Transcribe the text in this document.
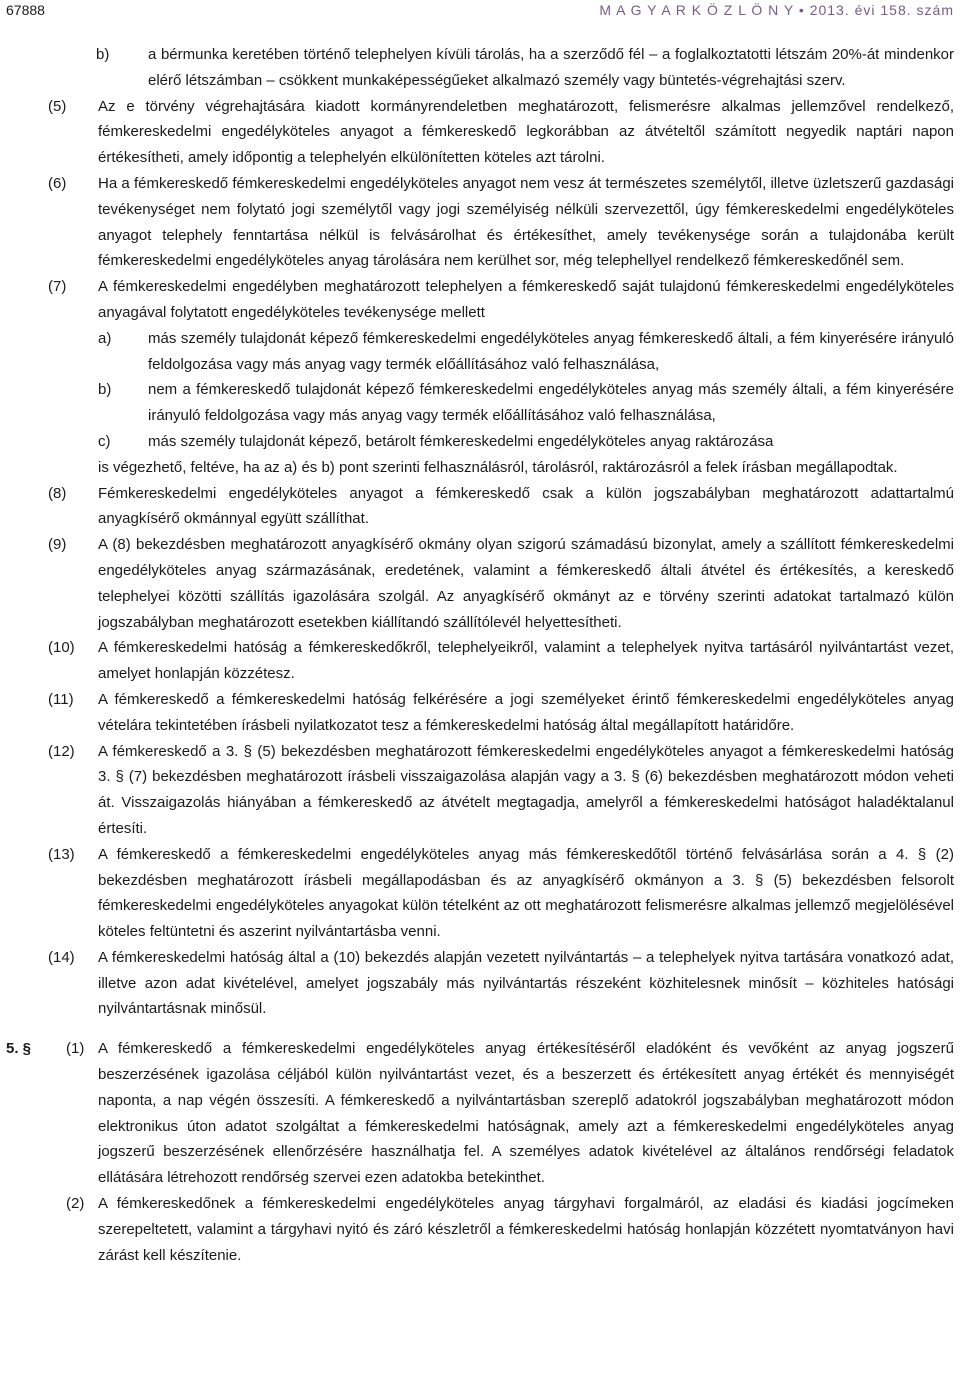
67888	M A G Y A R K Ö Z L Ö N Y • 2013. évi 158. szám
b)	a bérmunka keretében történő telephelyen kívüli tárolás, ha a szerződő fél – a foglalkoztatotti létszám 20%-át mindenkor elérő létszámban – csökkent munkaképességűeket alkalmazó személy vagy büntetés-végrehajtási szerv.

(5) Az e törvény végrehajtására kiadott kormányrendeletben meghatározott, felismerésre alkalmas jellemzővel rendelkező, fémkereskedelmi engedélyköteles anyagot a fémkereskedő legkorábban az átvételtől számított negyedik naptári napon értékesítheti, amely időpontig a telephelyén elkülönítetten köteles azt tárolni.

(6) Ha a fémkereskedő fémkereskedelmi engedélyköteles anyagot nem vesz át természetes személytől, illetve üzletszerű gazdasági tevékenységet nem folytató jogi személytől vagy jogi személyiség nélküli szervezettől, úgy fémkereskedelmi engedélyköteles anyagot telephely fenntartása nélkül is felvásárolhat és értékesíthet, amely tevékenysége során a tulajdonába került fémkereskedelmi engedélyköteles anyag tárolására nem kerülhet sor, még telephellyel rendelkező fémkereskedőnél sem.

(7) A fémkereskedelmi engedélyben meghatározott telephelyen a fémkereskedő saját tulajdonú fémkereskedelmi engedélyköteles anyagával folytatott engedélyköteles tevékenysége mellett

a) más személy tulajdonát képező fémkereskedelmi engedélyköteles anyag fémkereskedő általi, a fém kinyerésére irányuló feldolgozása vagy más anyag vagy termék előállításához való felhasználása,

b) nem a fémkereskedő tulajdonát képező fémkereskedelmi engedélyköteles anyag más személy általi, a fém kinyerésére irányuló feldolgozása vagy más anyag vagy termék előállításához való felhasználása,

c)	más személy tulajdonát képező, betárolt fémkereskedelmi engedélyköteles anyag raktározása

is végezhető, feltéve, ha az a) és b) pont szerinti felhasználásról, tárolásról, raktározásról a felek írásban megállapodtak.

(8) Fémkereskedelmi engedélyköteles anyagot a fémkereskedő csak a külön jogszabályban meghatározott adattartalmú anyagkísérő okmánnyal együtt szállíthat.

(9) A (8) bekezdésben meghatározott anyagkísérő okmány olyan szigorú számadású bizonylat, amely a szállított fémkereskedelmi engedélyköteles anyag származásának, eredetének, valamint a fémkereskedő általi átvétel és értékesítés, a kereskedő telephelyei közötti szállítás igazolására szolgál. Az anyagkísérő okmányt az e törvény szerinti adatokat tartalmazó külön jogszabályban meghatározott esetekben kiállítandó szállítólevél helyettesítheti.

(10) A fémkereskedelmi hatóság a fémkereskedőkről, telephelyeikről, valamint a telephelyek nyitva tartásáról nyilvántartást vezet, amelyet honlapján közzétesz.

(11) A fémkereskedő a fémkereskedelmi hatóság felkérésére a jogi személyeket érintő fémkereskedelmi engedélyköteles anyag vételára tekintetében írásbeli nyilatkozatot tesz a fémkereskedelmi hatóság által megállapított határidőre.

(12) A fémkereskedő a 3. § (5) bekezdésben meghatározott fémkereskedelmi engedélyköteles anyagot a fémkereskedelmi hatóság 3. § (7) bekezdésben meghatározott írásbeli visszaigazolása alapján vagy a 3. § (6) bekezdésben meghatározott módon veheti át. Visszaigazolás hiányában a fémkereskedő az átvételt megtagadja, amelyről a fémkereskedelmi hatóságot haladéktalanul értesíti.

(13) A fémkereskedő a fémkereskedelmi engedélyköteles anyag más fémkereskedőtől történő felvásárlása során a 4. § (2) bekezdésben meghatározott írásbeli megállapodásban és az anyagkísérő okmányon a 3. § (5) bekezdésben felsorolt fémkereskedelmi engedélyköteles anyagokat külön tételként az ott meghatározott felismerésre alkalmas jellemző megjelölésével köteles feltüntetni és aszerint nyilvántartásba venni.

(14) A fémkereskedelmi hatóság által a (10) bekezdés alapján vezetett nyilvántartás – a telephelyek nyitva tartására vonatkozó adat, illetve azon adat kivételével, amelyet jogszabály más nyilvántartás részeként közhitelesnek minősít – közhiteles hatósági nyilvántartásnak minősül.

5. § (1) A fémkereskedő a fémkereskedelmi engedélyköteles anyag értékesítéséről eladóként és vevőként az anyag jogszerű beszerzésének igazolása céljából külön nyilvántartást vezet, és a beszerzett és értékesített anyag értékét és mennyiségét naponta, a nap végén összesíti. A fémkereskedő a nyilvántartásban szereplő adatokról jogszabályban meghatározott módon elektronikus úton adatot szolgáltat a fémkereskedelmi hatóságnak, amely azt a fémkereskedelmi engedélyköteles anyag jogszerű beszerzésének ellenőrzésére használhatja fel. A személyes adatok kivételével az általános rendőrségi feladatok ellátására létrehozott rendőrség szervei ezen adatokba betekinthet.

(2) A fémkereskedőnek a fémkereskedelmi engedélyköteles anyag tárgyhavi forgalmáról, az eladási és kiadási jogcímeken szerepeltetett, valamint a tárgyhavi nyitó és záró készletről a fémkereskedelmi hatóság honlapján közzétett nyomtatványon havi zárást kell készítenie.
